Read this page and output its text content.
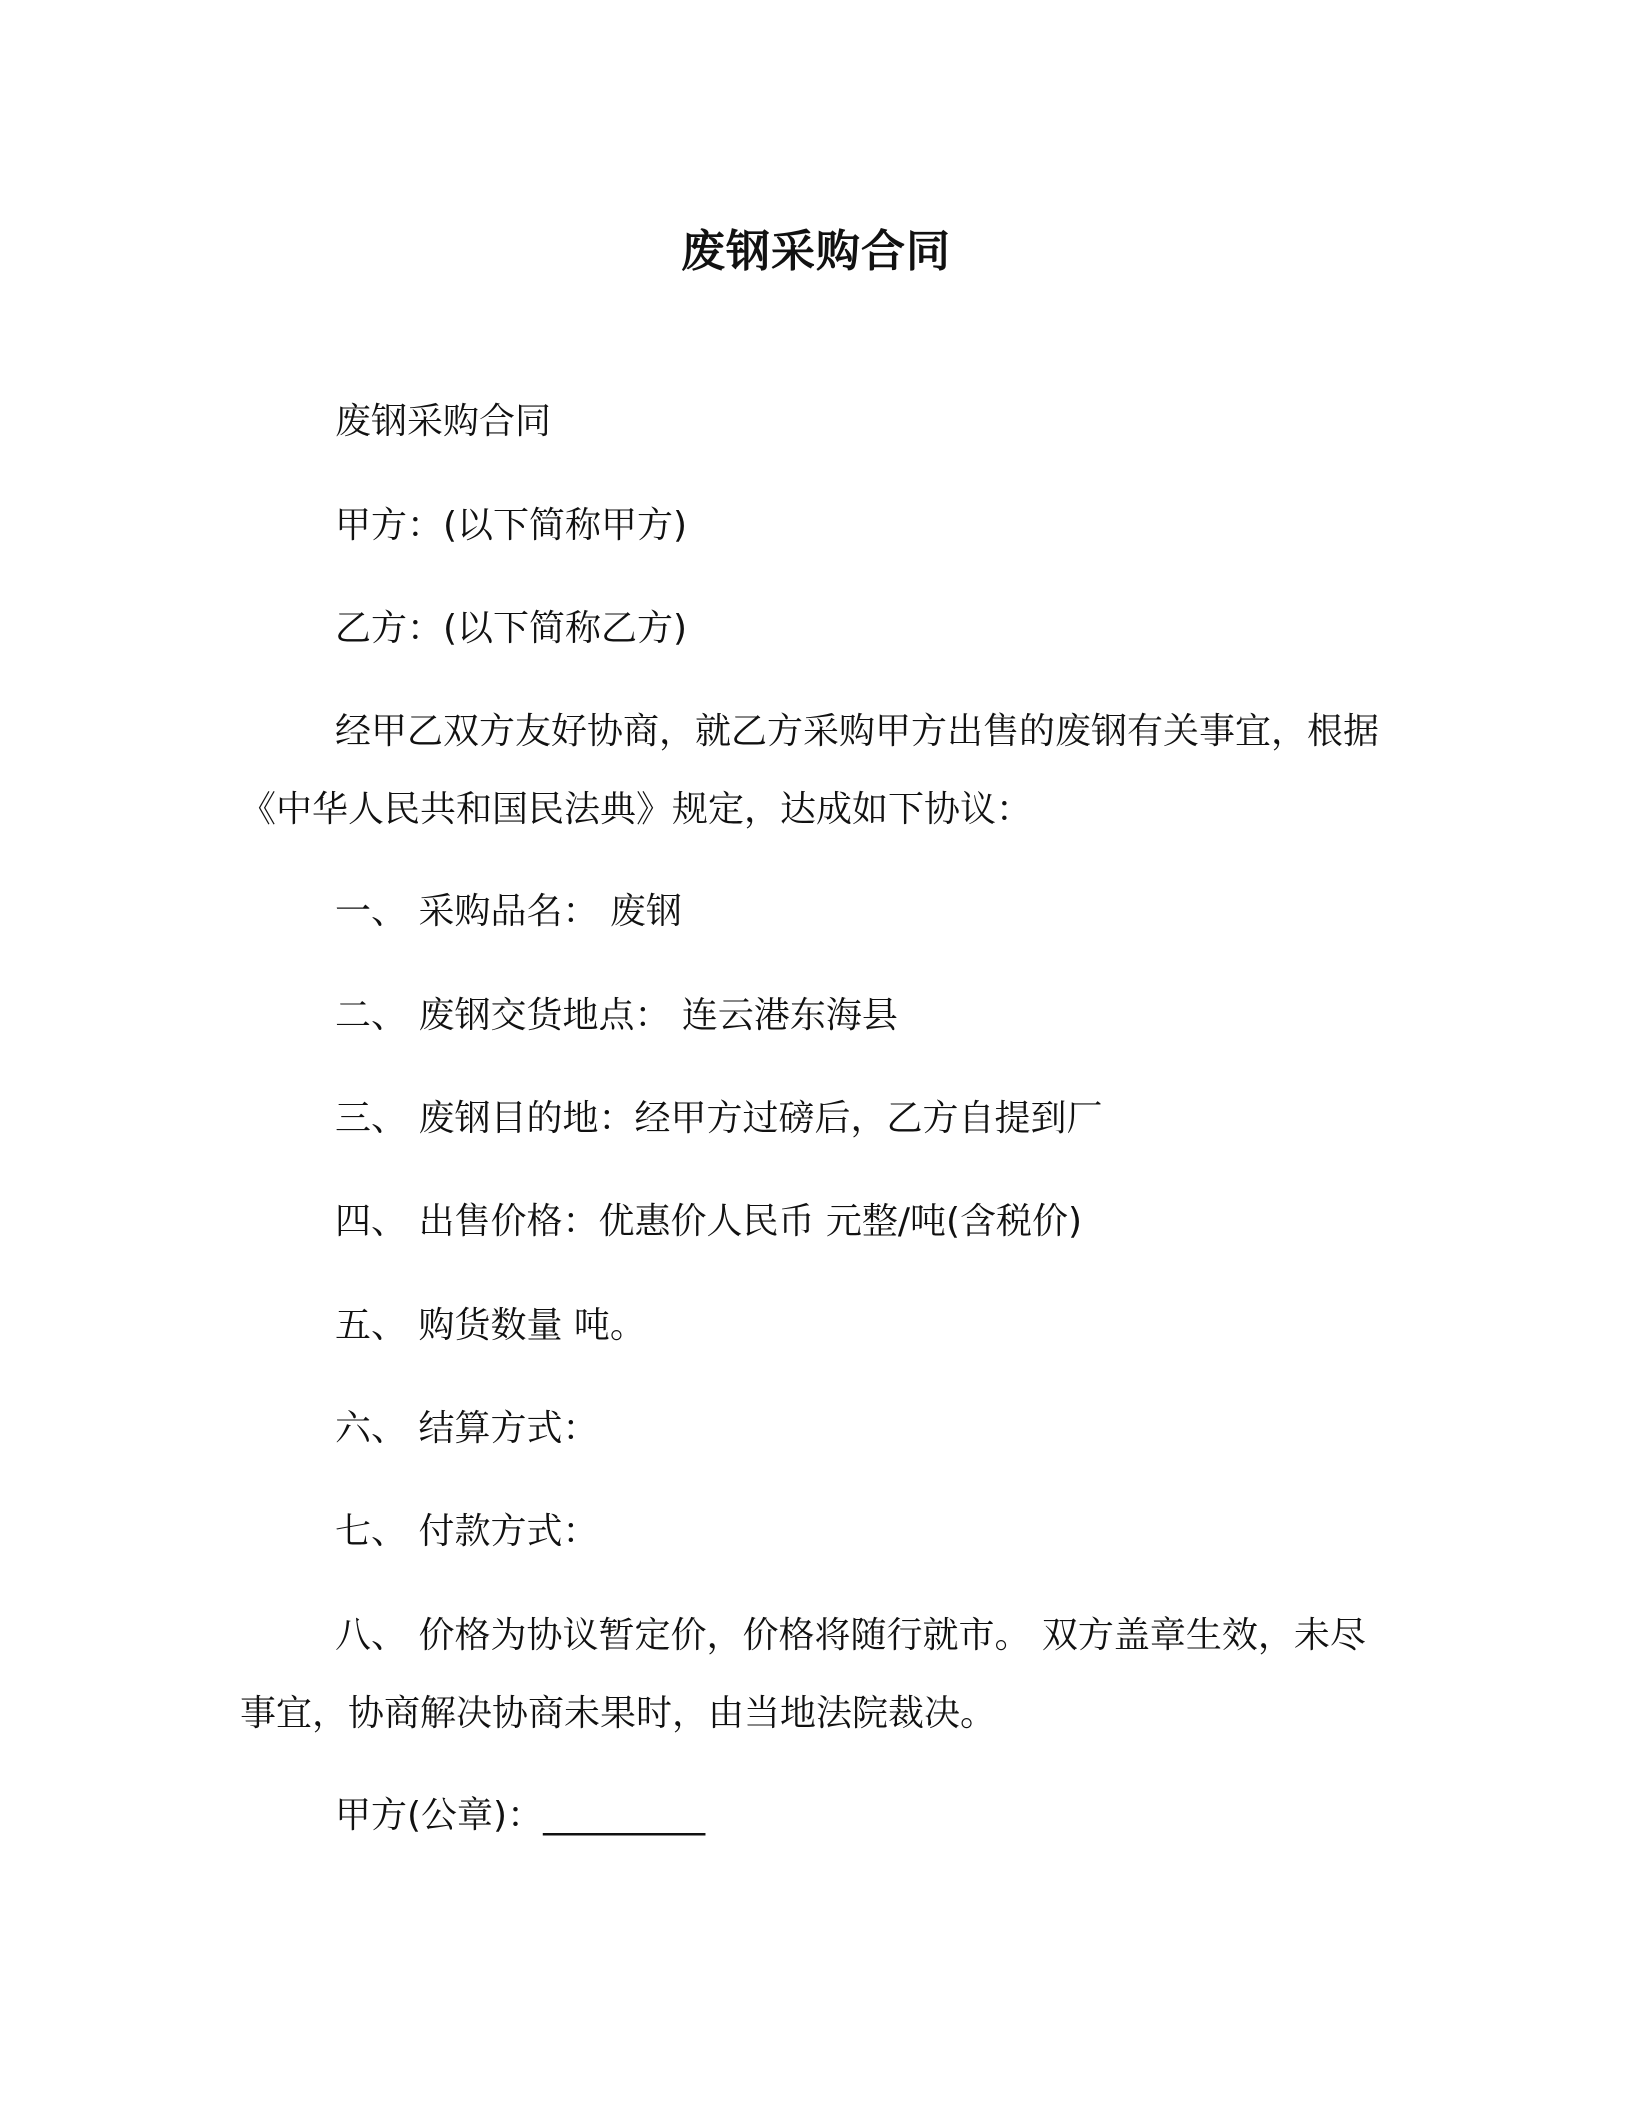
废钢采购合同
废钢采购合同
甲方：(以下简称甲方)
乙方：(以下简称乙方)
经甲乙双方友好协商，就乙方采购甲方出售的废钢有关事宜，根据《中华人民共和国民法典》规定，达成如下协议：
一、 采购品名： 废钢
二、 废钢交货地点： 连云港东海县
三、 废钢目的地：经甲方过磅后，乙方自提到厂
四、 出售价格：优惠价人民币 元整/吨(含税价)
五、 购货数量 吨。
六、 结算方式：
七、 付款方式：
八、 价格为协议暂定价，价格将随行就市。 双方盖章生效，未尽事宜，协商解决协商未果时，由当地法院裁决。
甲方(公章)：_________
